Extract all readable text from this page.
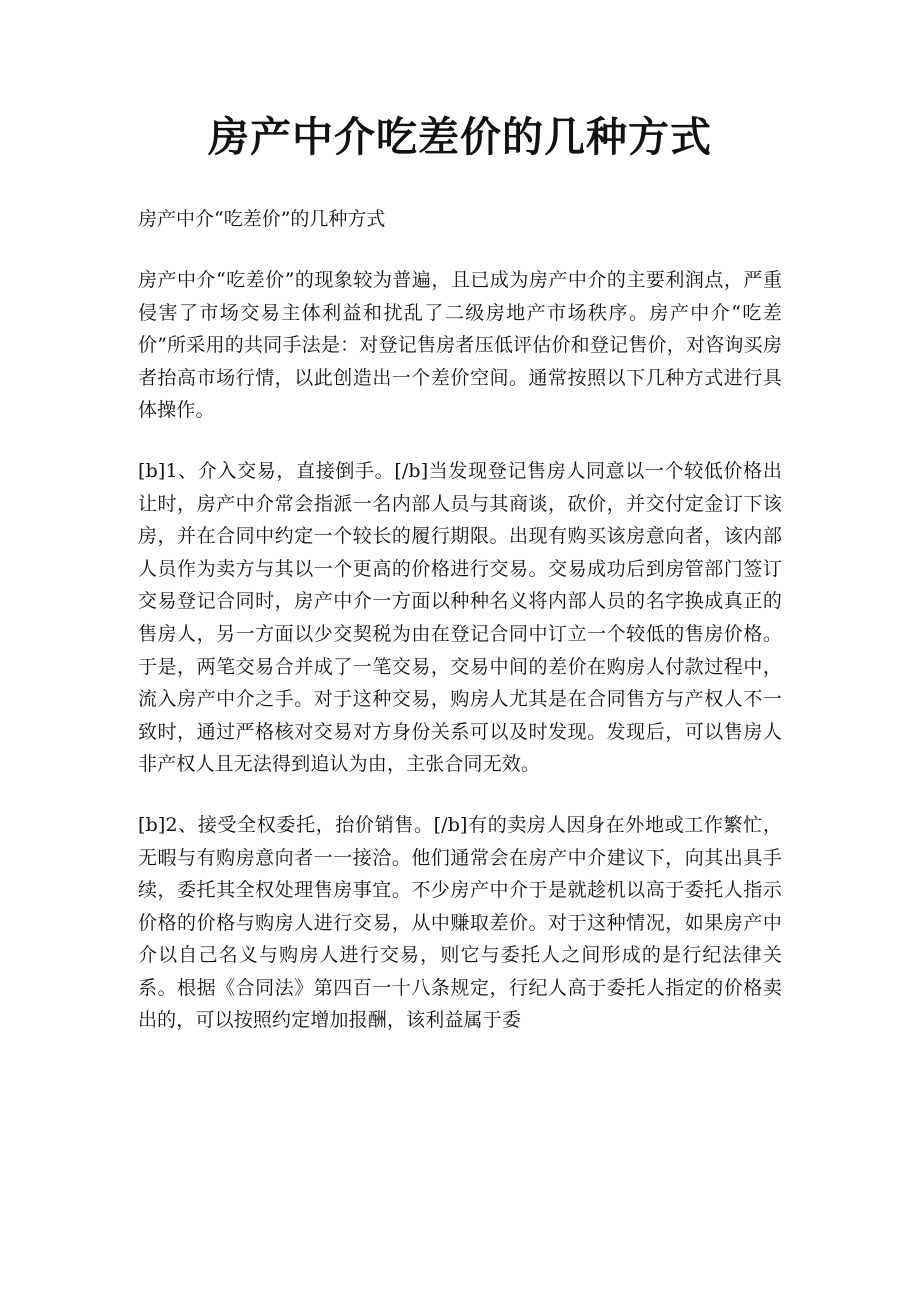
房产中介吃差价的几种方式

房产中介“吃差价”的几种方式

房产中介“吃差价”的现象较为普遍，且已成为房产中介的主要利润点，严重侵害了市场交易主体利益和扰乱了二级房地产市场秩序。房产中介“吃差价”所采用的共同手法是：对登记售房者压低评估价和登记售价，对咨询买房者抬高市场行情，以此创造出一个差价空间。通常按照以下几种方式进行具体操作。

[b]1、介入交易，直接倒手。[/b]当发现登记售房人同意以一个较低价格出让时，房产中介常会指派一名内部人员与其商谈，砍价，并交付定金订下该房，并在合同中约定一个较长的履行期限。出现有购买该房意向者，该内部人员作为卖方与其以一个更高的价格进行交易。交易成功后到房管部门签订交易登记合同时，房产中介一方面以种种名义将内部人员的名字换成真正的售房人，另一方面以少交契税为由在登记合同中订立一个较低的售房价格。于是，两笔交易合并成了一笔交易，交易中间的差价在购房人付款过程中，流入房产中介之手。对于这种交易，购房人尤其是在合同售方与产权人不一致时，通过严格核对交易对方身份关系可以及时发现。发现后，可以售房人非产权人且无法得到追认为由，主张合同无效。

[b]2、接受全权委托，抬价销售。[/b]有的卖房人因身在外地或工作繁忙，无暇与有购房意向者一一接洽。他们通常会在房产中介建议下，向其出具手续，委托其全权处理售房事宜。不少房产中介于是就趁机以高于委托人指示价格的价格与购房人进行交易，从中赚取差价。对于这种情况，如果房产中介以自己名义与购房人进行交易，则它与委托人之间形成的是行纪法律关系。根据《合同法》第四百一十八条规定，行纪人高于委托人指定的价格卖出的，可以按照约定增加报酬，该利益属于委
